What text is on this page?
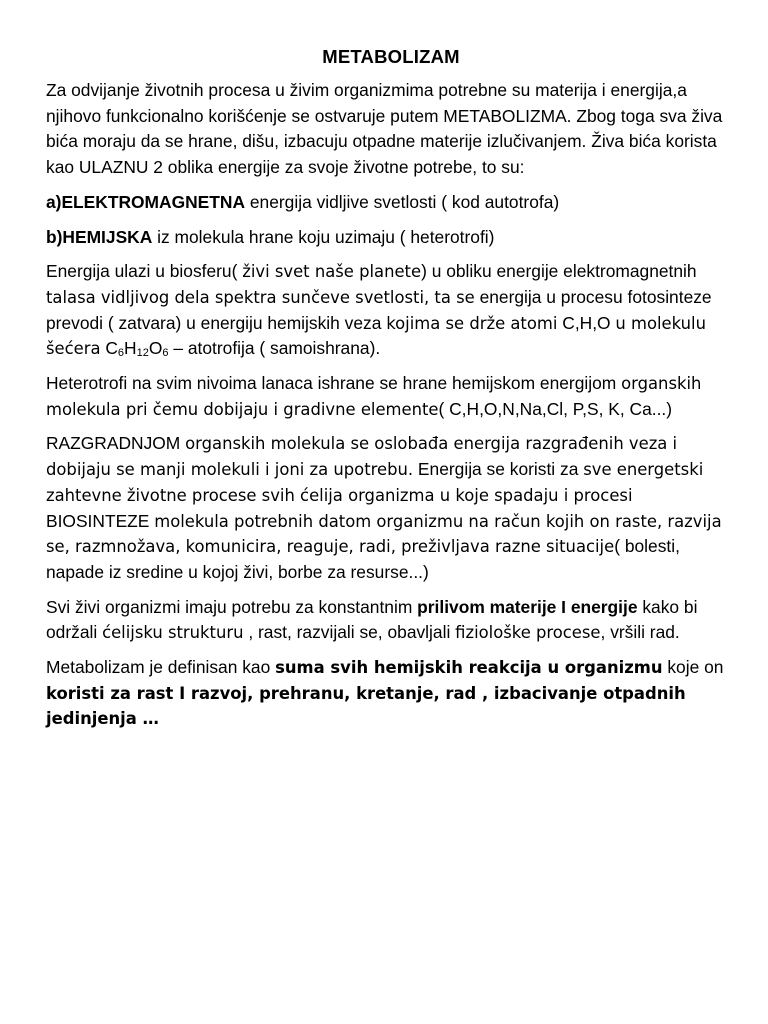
METABOLIZAM

Za odvijanje životnih procesa u živim organizmima potrebne su materija i energija,a njihovo funkcionalno korišćenje se ostvaruje putem METABOLIZMA. Zbog toga sva živa bića moraju da se hrane, dišu, izbacuju otpadne materije izlučivanjem. Živa bića korista kao ULAZNU 2 oblika energije za svoje životne potrebe, to su:

a)ELEKTROMAGNETNA energija vidljive svetlosti ( kod autotrofa)

b)HEMIJSKA iz molekula hrane koju uzimaju ( heterotrofi)

Energija ulazi u biosferu( živi svet naše planete) u obliku energije elektromagnetnih talasa vidljivog dela spektra sunčeve svetlosti, ta se energija u procesu fotosinteze prevodi ( zatvara) u energiju hemijskih veza kojima se drže atomi C,H,O u molekulu šećera $C_6H_{12}O_6$ – atotrofija ( samoishrana).

Heterotrofi na svim nivoima lanaca ishrane se hrane hemijskom energijom organskih molekula pri čemu dobijaju i gradivne elemente( C,H,O,N,Na,Cl, P,S, K, Ca...)

RAZGRADNJOM organskih molekula se oslobađa energija razgrađenih veza i dobijaju se manji molekuli i joni za upotrebu. Energija se koristi za sve energetski zahtevne životne procese svih ćelija organizma u koje spadaju i procesi BIOSINTEZE molekula potrebnih datom organizmu na račun kojih on raste, razvija se, razmnožava, komunicira, reaguje, radi, preživljava razne situacije( bolesti, napade iz sredine u kojoj živi, borbe za resurse...)

Svi živi organizmi imaju potrebu za konstantnim prilivom materije I energije kako bi održali ćelijsku strukturu , rast, razvijali se, obavljali fiziološke procese, vršili rad.

Metabolizam je definisan kao suma svih hemijskih reakcija u organizmu koje on koristi za rast I razvoj, prehranu, kretanje, rad , izbacivanje otpadnih jedinjenja …
